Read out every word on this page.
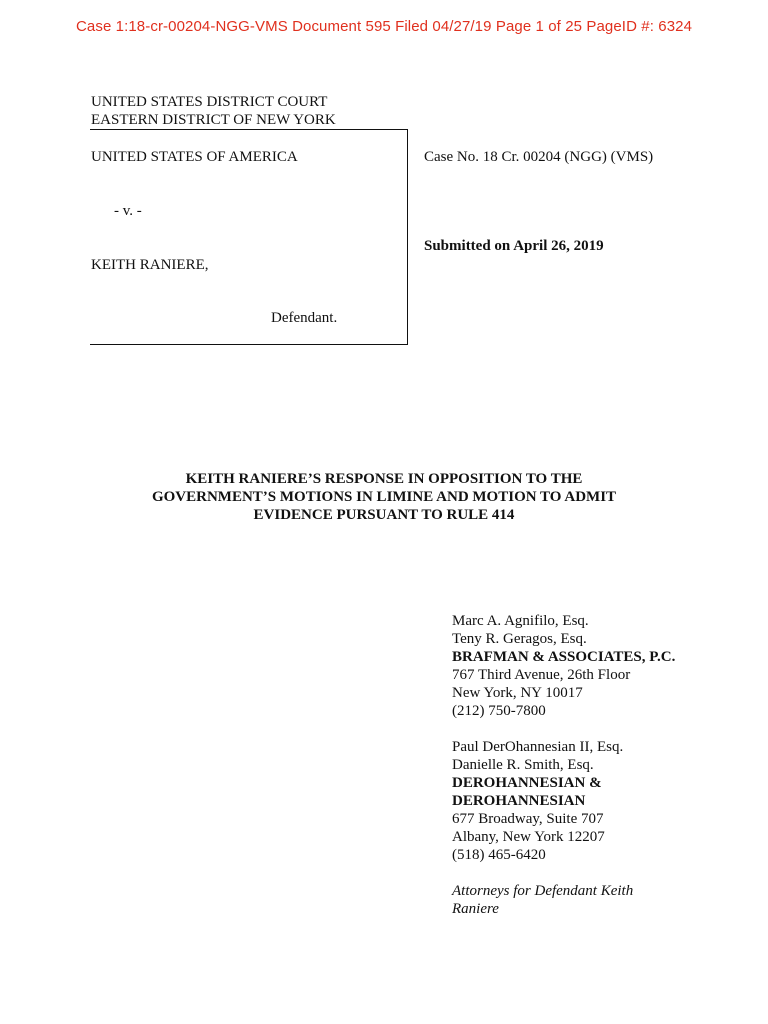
Case 1:18-cr-00204-NGG-VMS Document 595 Filed 04/27/19 Page 1 of 25 PageID #: 6324
UNITED STATES DISTRICT COURT
EASTERN DISTRICT OF NEW YORK
UNITED STATES OF AMERICA
- v. -
KEITH RANIERE,
Defendant.
Case No. 18 Cr. 00204 (NGG) (VMS)
Submitted on April 26, 2019
KEITH RANIERE’S RESPONSE IN OPPOSITION TO THE
GOVERNMENT’S MOTIONS IN LIMINE AND MOTION TO ADMIT
EVIDENCE PURSUANT TO RULE 414
Marc A. Agnifilo, Esq.
Teny R. Geragos, Esq.
BRAFMAN & ASSOCIATES, P.C.
767 Third Avenue, 26th Floor
New York, NY 10017
(212) 750-7800
Paul DerOhannesian II, Esq.
Danielle R. Smith, Esq.
DEROHANNESIAN &
DEROHANNESIAN
677 Broadway, Suite 707
Albany, New York 12207
(518) 465-6420
Attorneys for Defendant Keith
Raniere
